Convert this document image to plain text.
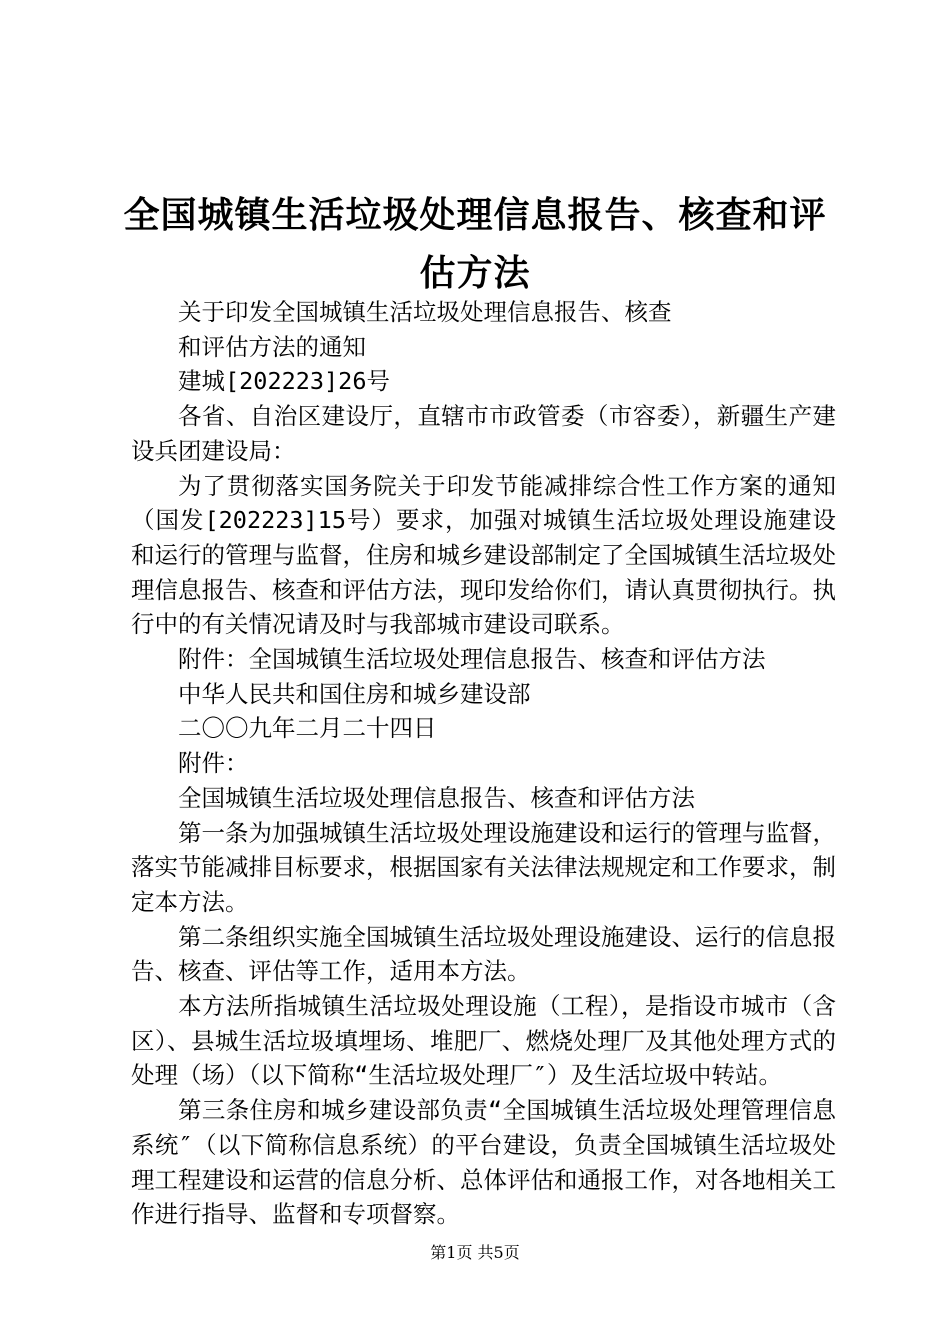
全国城镇生活垃圾处理信息报告、核查和评估方法

关于印发全国城镇生活垃圾处理信息报告、核查

和评估方法的通知

建城[202223]26号

各省、自治区建设厅，直辖市市政管委（市容委），新疆生产建设兵团建设局：

为了贯彻落实国务院关于印发节能减排综合性工作方案的通知（国发[202223]15号）要求，加强对城镇生活垃圾处理设施建设和运行的管理与监督，住房和城乡建设部制定了全国城镇生活垃圾处理信息报告、核查和评估方法，现印发给你们，请认真贯彻执行。执行中的有关情况请及时与我部城市建设司联系。

附件：全国城镇生活垃圾处理信息报告、核查和评估方法

中华人民共和国住房和城乡建设部

二〇〇九年二月二十四日

附件：

全国城镇生活垃圾处理信息报告、核查和评估方法

第一条为加强城镇生活垃圾处理设施建设和运行的管理与监督，落实节能减排目标要求，根据国家有关法律法规规定和工作要求，制定本方法。

第二条组织实施全国城镇生活垃圾处理设施建设、运行的信息报告、核查、评估等工作，适用本方法。

本方法所指城镇生活垃圾处理设施（工程），是指设市城市（含区）、县城生活垃圾填埋场、堆肥厂、燃烧处理厂及其他处理方式的处理（场）（以下简称“生活垃圾处理厂″）及生活垃圾中转站。

第三条住房和城乡建设部负责“全国城镇生活垃圾处理管理信息系统″（以下简称信息系统）的平台建设，负责全国城镇生活垃圾处理工程建设和运营的信息分析、总体评估和通报工作，对各地相关工作进行指导、监督和专项督察。

第1页 共5页
